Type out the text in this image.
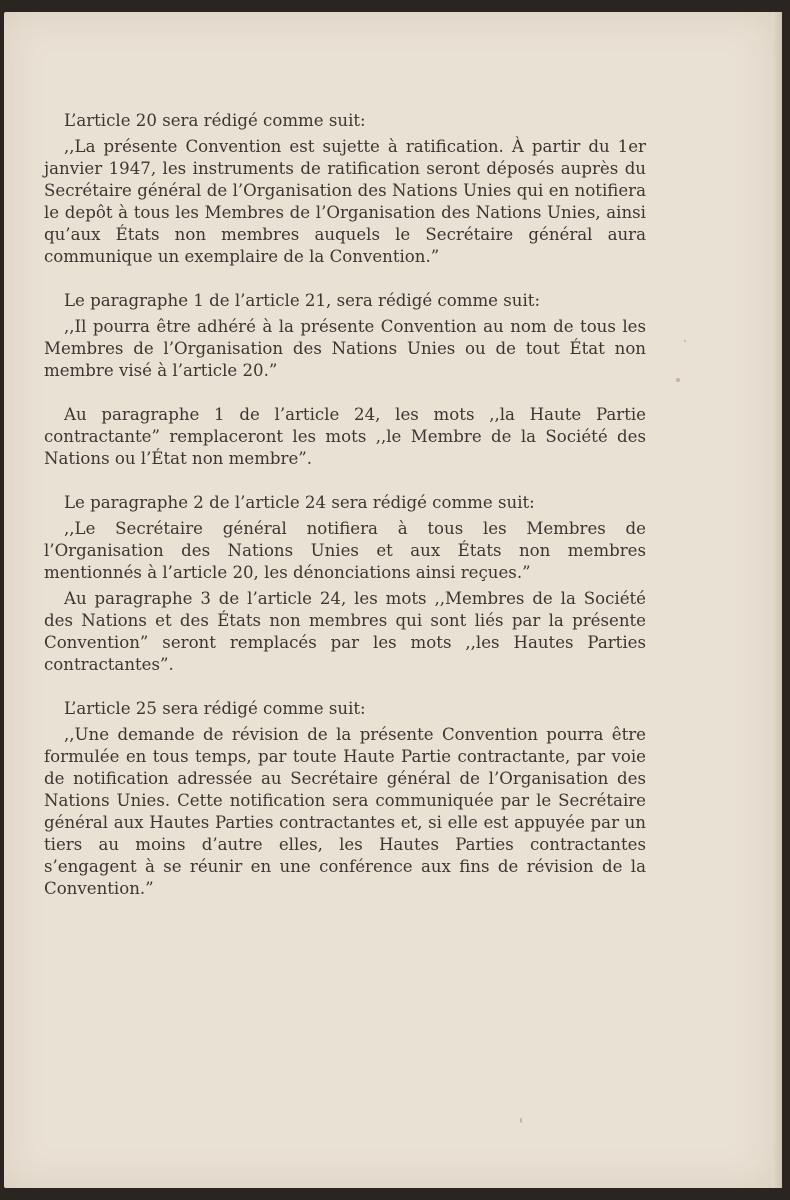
L’article 20 sera rédigé comme suit:

,,La présente Convention est sujette à ratification. À partir du 1er janvier 1947, les instruments de ratification seront déposés auprès du Secrétaire général de l’Organisation des Nations Unies qui en notifiera le depôt à tous les Membres de l’Organisation des Nations Unies, ainsi qu’aux États non membres auquels le Secrétaire général aura communique un exemplaire de la Convention.”

Le paragraphe 1 de l’article 21, sera rédigé comme suit:

,,Il pourra être adhéré à la présente Convention au nom de tous les Membres de l’Organisation des Nations Unies ou de tout État non membre visé à l’article 20.”

Au paragraphe 1 de l’article 24, les mots ,,la Haute Partie contractante” remplaceront les mots ,,le Membre de la Société des Nations ou l’État non membre”.

Le paragraphe 2 de l’article 24 sera rédigé comme suit:

,,Le Secrétaire général notifiera à tous les Membres de l’Organisation des Nations Unies et aux États non membres mentionnés à l’article 20, les dénonciations ainsi reçues.”

Au paragraphe 3 de l’article 24, les mots ,,Membres de la Société des Nations et des États non membres qui sont liés par la présente Convention” seront remplacés par les mots ,,les Hautes Parties contractantes”.

L’article 25 sera rédigé comme suit:

,,Une demande de révision de la présente Convention pourra être formulée en tous temps, par toute Haute Partie contractante, par voie de notification adressée au Secrétaire général de l’Organisation des Nations Unies. Cette notification sera communiquée par le Secrétaire général aux Hautes Parties contractantes et, si elle est appuyée par un tiers au moins d’autre elles, les Hautes Parties contractantes s’engagent à se réunir en une conférence aux fins de révision de la Convention.”
